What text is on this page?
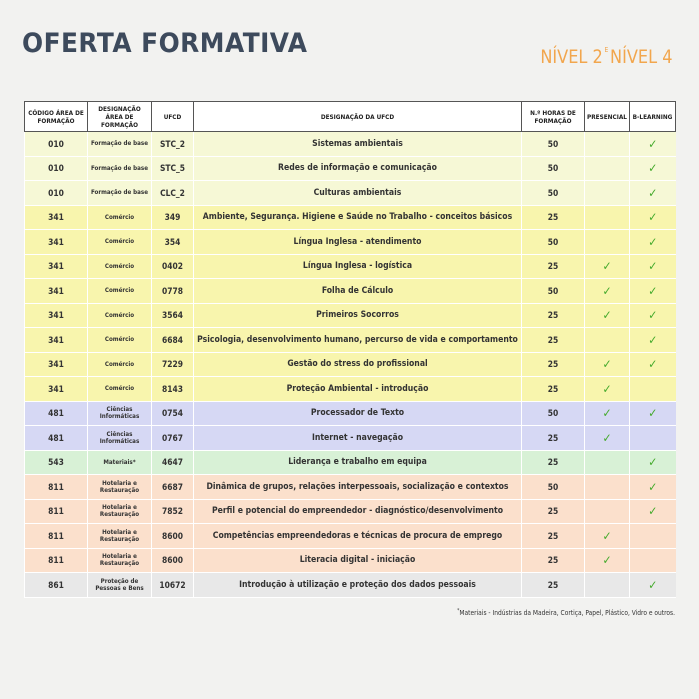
OFERTA FORMATIVA	NÍVEL 2 $^E$NÍVEL 4
CÓDIGO ÁREA DE FORMAÇÃO	DESIGNAÇÃO ÁREA DE FORMAÇÃO	UFCD	DESIGNAÇÃO DA UFCD	N.º HORAS DE FORMAÇÃO	PRESENCIAL	B-LEARNING
010	Formação de base	STC_2	Sistemas ambientais	50		✓
010	Formação de base	STC_5	Redes de informação e comunicação	50		✓
010	Formação de base	CLC_2	Culturas ambientais	50		✓
341	Comércio	349	Ambiente, Segurança. Higiene e Saúde no Trabalho - conceitos básicos	25		✓
341	Comércio	354	Língua Inglesa - atendimento	50		✓
341	Comércio	0402	Língua Inglesa - logística	25	✓	✓
341	Comércio	0778	Folha de Cálculo	50	✓	✓
341	Comércio	3564	Primeiros Socorros	25	✓	✓
341	Comércio	6684	Psicologia, desenvolvimento humano, percurso de vida e comportamento	25		✓
341	Comércio	7229	Gestão do stress do profissional	25	✓	✓
341	Comércio	8143	Proteção Ambiental - introdução	25	✓	
481	Ciências Informáticas	0754	Processador de Texto	50	✓	✓
481	Ciências Informáticas	0767	Internet - navegação	25	✓	
543	Materiais*	4647	Liderança e trabalho em equipa	25		✓
811	Hotelaria e Restauração	6687	Dinâmica de grupos, relações interpessoais, socialização e contextos	50		✓
811	Hotelaria e Restauração	7852	Perfil e potencial do empreendedor - diagnóstico/desenvolvimento	25		✓
811	Hotelaria e Restauração	8600	Competências empreendedoras e técnicas de procura de emprego	25	✓	
811	Hotelaria e Restauração	8600	Literacia digital - iniciação	25	✓	
861	Proteção de Pessoas e Bens	10672	Introdução à utilização e proteção dos dados pessoais	25		✓
*Materiais - Indústrias da Madeira, Cortiça, Papel, Plástico, Vidro e outros.
